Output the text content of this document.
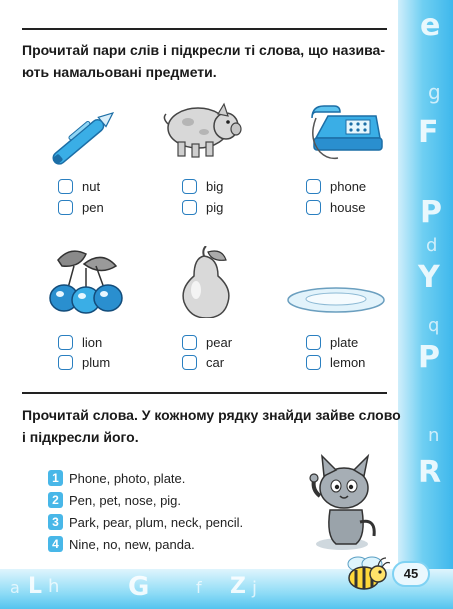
e
g
F
P
d
Y
q
P
n
R
a L h	G	f Z j

Прочитай пари слів і підкресли ті слова, що назива-

ють намальовані предмети.

nut
pen
big
pig
phone
house
lion
plum
pear
car
plate
lemon

Прочитай слова. У кожному рядку знайди зайве слово

і підкресли його.

1 Phone, photo, plate.
2 Pen, pet, nose, pig.
3 Park, pear, plum, neck, pencil.
4 Nine, no, new, panda.
45
